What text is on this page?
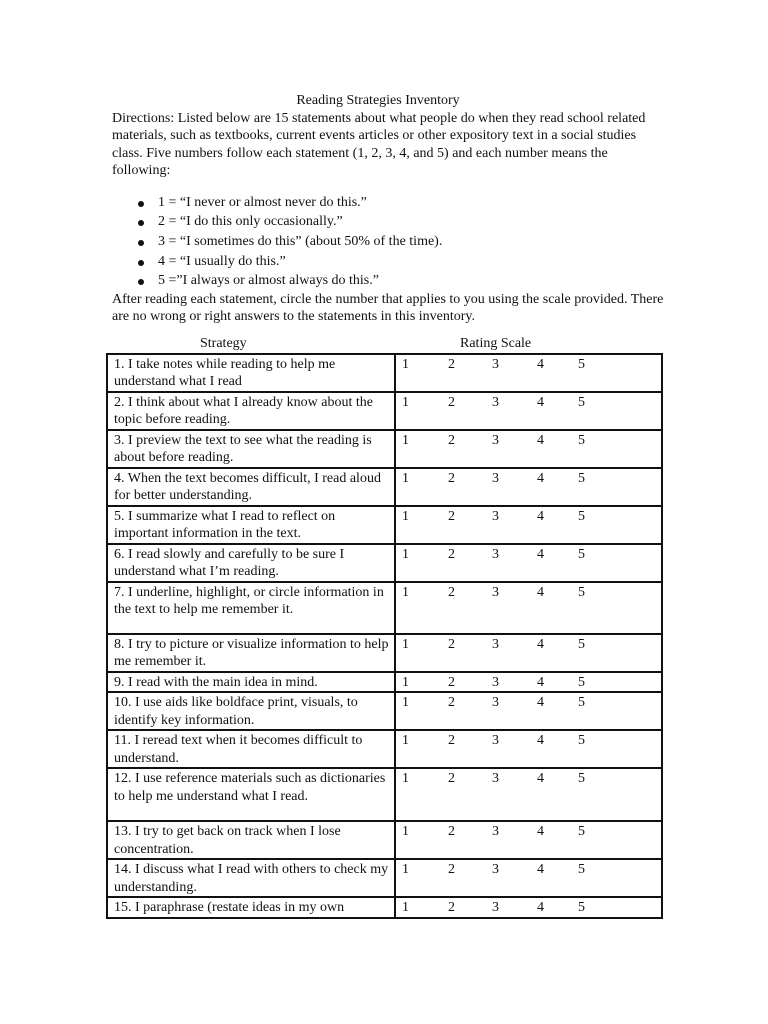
Reading Strategies Inventory

Directions: Listed below are 15 statements about what people do when they read school related materials, such as textbooks, current events articles or other expository text in a social studies class. Five numbers follow each statement (1, 2, 3, 4, and 5) and each number means the following:

1 = “I never or almost never do this.”
2 = “I do this only occasionally.”
3 = “I sometimes do this” (about 50% of the time).
4 = “I usually do this.”
5 =”I always or almost always do this.”

After reading each statement, circle the number that applies to you using the scale provided. There are no wrong or right answers to the statements in this inventory.

Strategy	Rating Scale
1. I take notes while reading to help me understand what I read	1 2 3 4 5

2. I think about what I already know about the topic before reading.	1 2 3 4 5

3. I preview the text to see what the reading is about before reading.	1 2 3 4 5

4. When the text becomes difficult, I read aloud for better understanding.	1 2 3 4 5

5. I summarize what I read to reflect on important information in the text.	1 2 3 4 5

6. I read slowly and carefully to be sure I understand what I’m reading.	1 2 3 4 5

7. I underline, highlight, or circle information in the text to help me remember it.	1 2 3 4 5

8. I try to picture or visualize information to help me remember it.	1 2 3 4 5

9. I read with the main idea in mind.	1 2 3 4 5

10. I use aids like boldface print, visuals, to identify key information.	1 2 3 4 5

11. I reread text when it becomes difficult to understand.	1 2 3 4 5

12. I use reference materials such as dictionaries to help me understand what I read.	1 2 3 4 5

13. I try to get back on track when I lose concentration.	1 2 3 4 5

14. I discuss what I read with others to check my understanding.	1 2 3 4 5

15. I paraphrase (restate ideas in my own	1 2 3 4 5
